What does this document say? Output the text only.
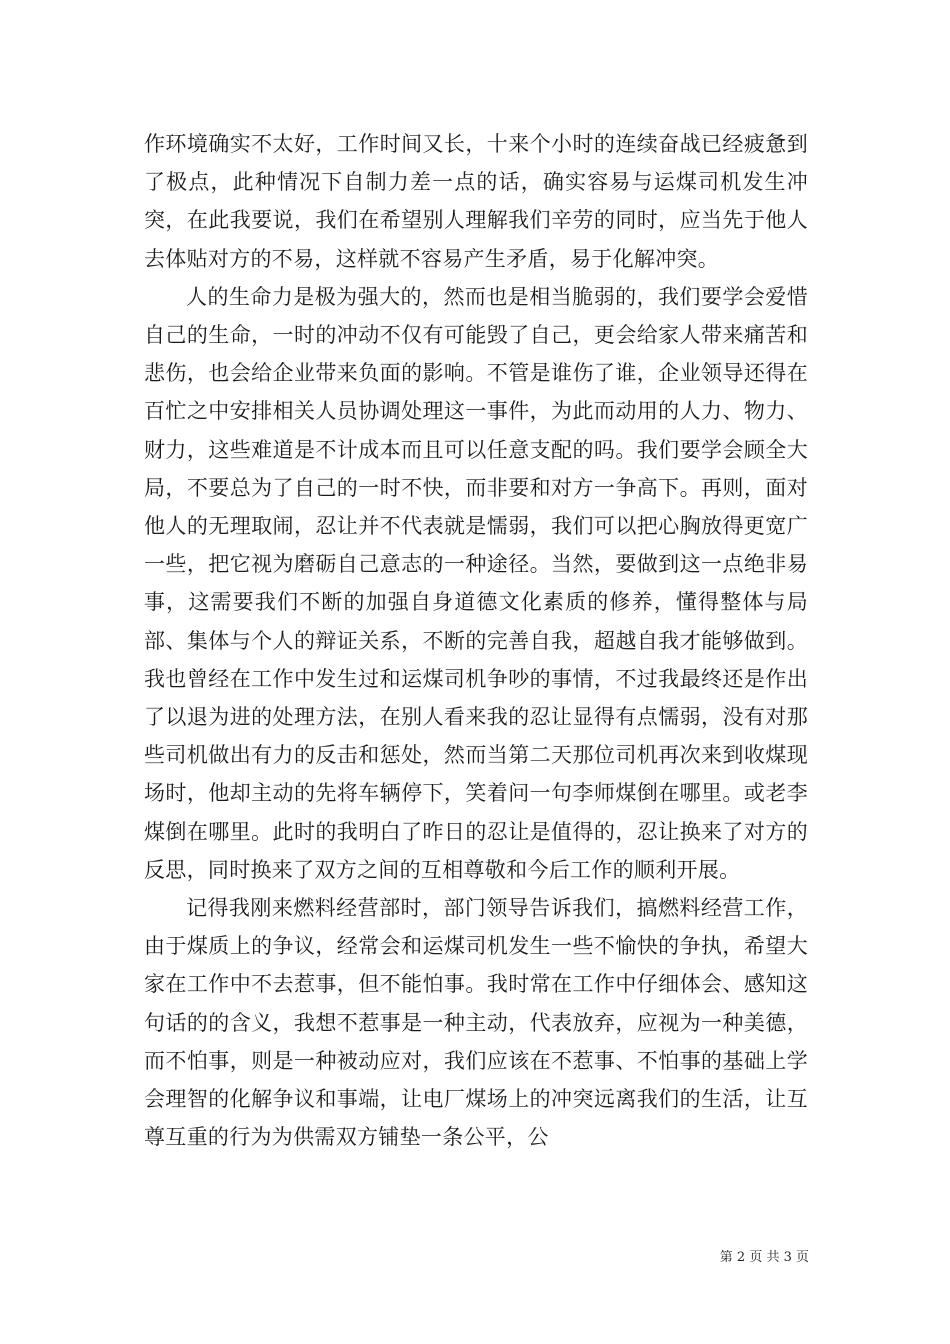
作环境确实不太好，工作时间又长，十来个小时的连续奋战已经疲惫到了极点，此种情况下自制力差一点的话，确实容易与运煤司机发生冲突，在此我要说，我们在希望别人理解我们辛劳的同时，应当先于他人去体贴对方的不易，这样就不容易产生矛盾，易于化解冲突。

人的生命力是极为强大的，然而也是相当脆弱的，我们要学会爱惜自己的生命，一时的冲动不仅有可能毁了自己，更会给家人带来痛苦和悲伤，也会给企业带来负面的影响。不管是谁伤了谁，企业领导还得在百忙之中安排相关人员协调处理这一事件，为此而动用的人力、物力、财力，这些难道是不计成本而且可以任意支配的吗。我们要学会顾全大局，不要总为了自己的一时不快，而非要和对方一争高下。再则，面对他人的无理取闹，忍让并不代表就是懦弱，我们可以把心胸放得更宽广一些，把它视为磨砺自己意志的一种途径。当然，要做到这一点绝非易事，这需要我们不断的加强自身道德文化素质的修养，懂得整体与局部、集体与个人的辩证关系，不断的完善自我，超越自我才能够做到。我也曾经在工作中发生过和运煤司机争吵的事情，不过我最终还是作出了以退为进的处理方法，在别人看来我的忍让显得有点懦弱，没有对那些司机做出有力的反击和惩处，然而当第二天那位司机再次来到收煤现场时，他却主动的先将车辆停下，笑着问一句李师煤倒在哪里。或老李煤倒在哪里。此时的我明白了昨日的忍让是值得的，忍让换来了对方的反思，同时换来了双方之间的互相尊敬和今后工作的顺利开展。

记得我刚来燃料经营部时，部门领导告诉我们，搞燃料经营工作，由于煤质上的争议，经常会和运煤司机发生一些不愉快的争执，希望大家在工作中不去惹事，但不能怕事。我时常在工作中仔细体会、感知这句话的的含义，我想不惹事是一种主动，代表放弃，应视为一种美德，而不怕事，则是一种被动应对，我们应该在不惹事、不怕事的基础上学会理智的化解争议和事端，让电厂煤场上的冲突远离我们的生活，让互尊互重的行为为供需双方铺垫一条公平，公

第 2 页 共 3 页
